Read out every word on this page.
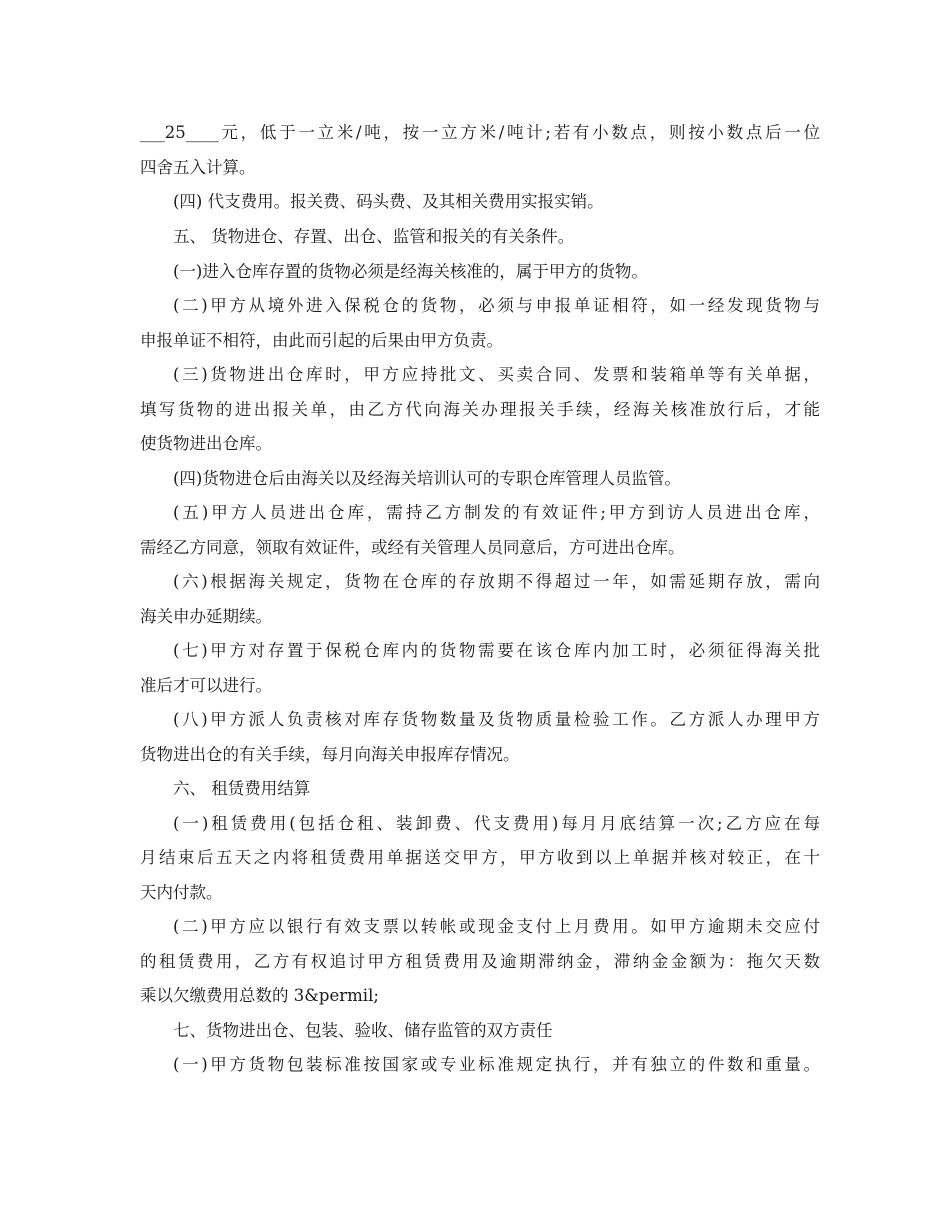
___25____元，低于一立米/吨，按一立方米/吨计;若有小数点，则按小数点后一位
四舍五入计算。
(四) 代支费用。报关费、码头费、及其相关费用实报实销。
五、 货物进仓、存置、出仓、监管和报关的有关条件。
(一)进入仓库存置的货物必须是经海关核准的，属于甲方的货物。
(二)甲方从境外进入保税仓的货物，必须与申报单证相符，如一经发现货物与
申报单证不相符，由此而引起的后果由甲方负责。
(三)货物进出仓库时，甲方应持批文、买卖合同、发票和装箱单等有关单据，
填写货物的进出报关单，由乙方代向海关办理报关手续，经海关核准放行后，才能
使货物进出仓库。
(四)货物进仓后由海关以及经海关培训认可的专职仓库管理人员监管。
(五)甲方人员进出仓库，需持乙方制发的有效证件;甲方到访人员进出仓库，
需经乙方同意，领取有效证件，或经有关管理人员同意后，方可进出仓库。
(六)根据海关规定，货物在仓库的存放期不得超过一年，如需延期存放，需向
海关申办延期续。
(七)甲方对存置于保税仓库内的货物需要在该仓库内加工时，必须征得海关批
准后才可以进行。
(八)甲方派人负责核对库存货物数量及货物质量检验工作。乙方派人办理甲方
货物进出仓的有关手续，每月向海关申报库存情况。
六、 租赁费用结算
(一)租赁费用(包括仓租、装卸费、代支费用)每月月底结算一次;乙方应在每
月结束后五天之内将租赁费用单据送交甲方，甲方收到以上单据并核对较正，在十
天内付款。
(二)甲方应以银行有效支票以转帐或现金支付上月费用。如甲方逾期未交应付
的租赁费用，乙方有权追讨甲方租赁费用及逾期滞纳金，滞纳金金额为：拖欠天数
乘以欠缴费用总数的 3&permil;
七、货物进出仓、包装、验收、储存监管的双方责任
(一)甲方货物包装标准按国家或专业标准规定执行，并有独立的件数和重量。
